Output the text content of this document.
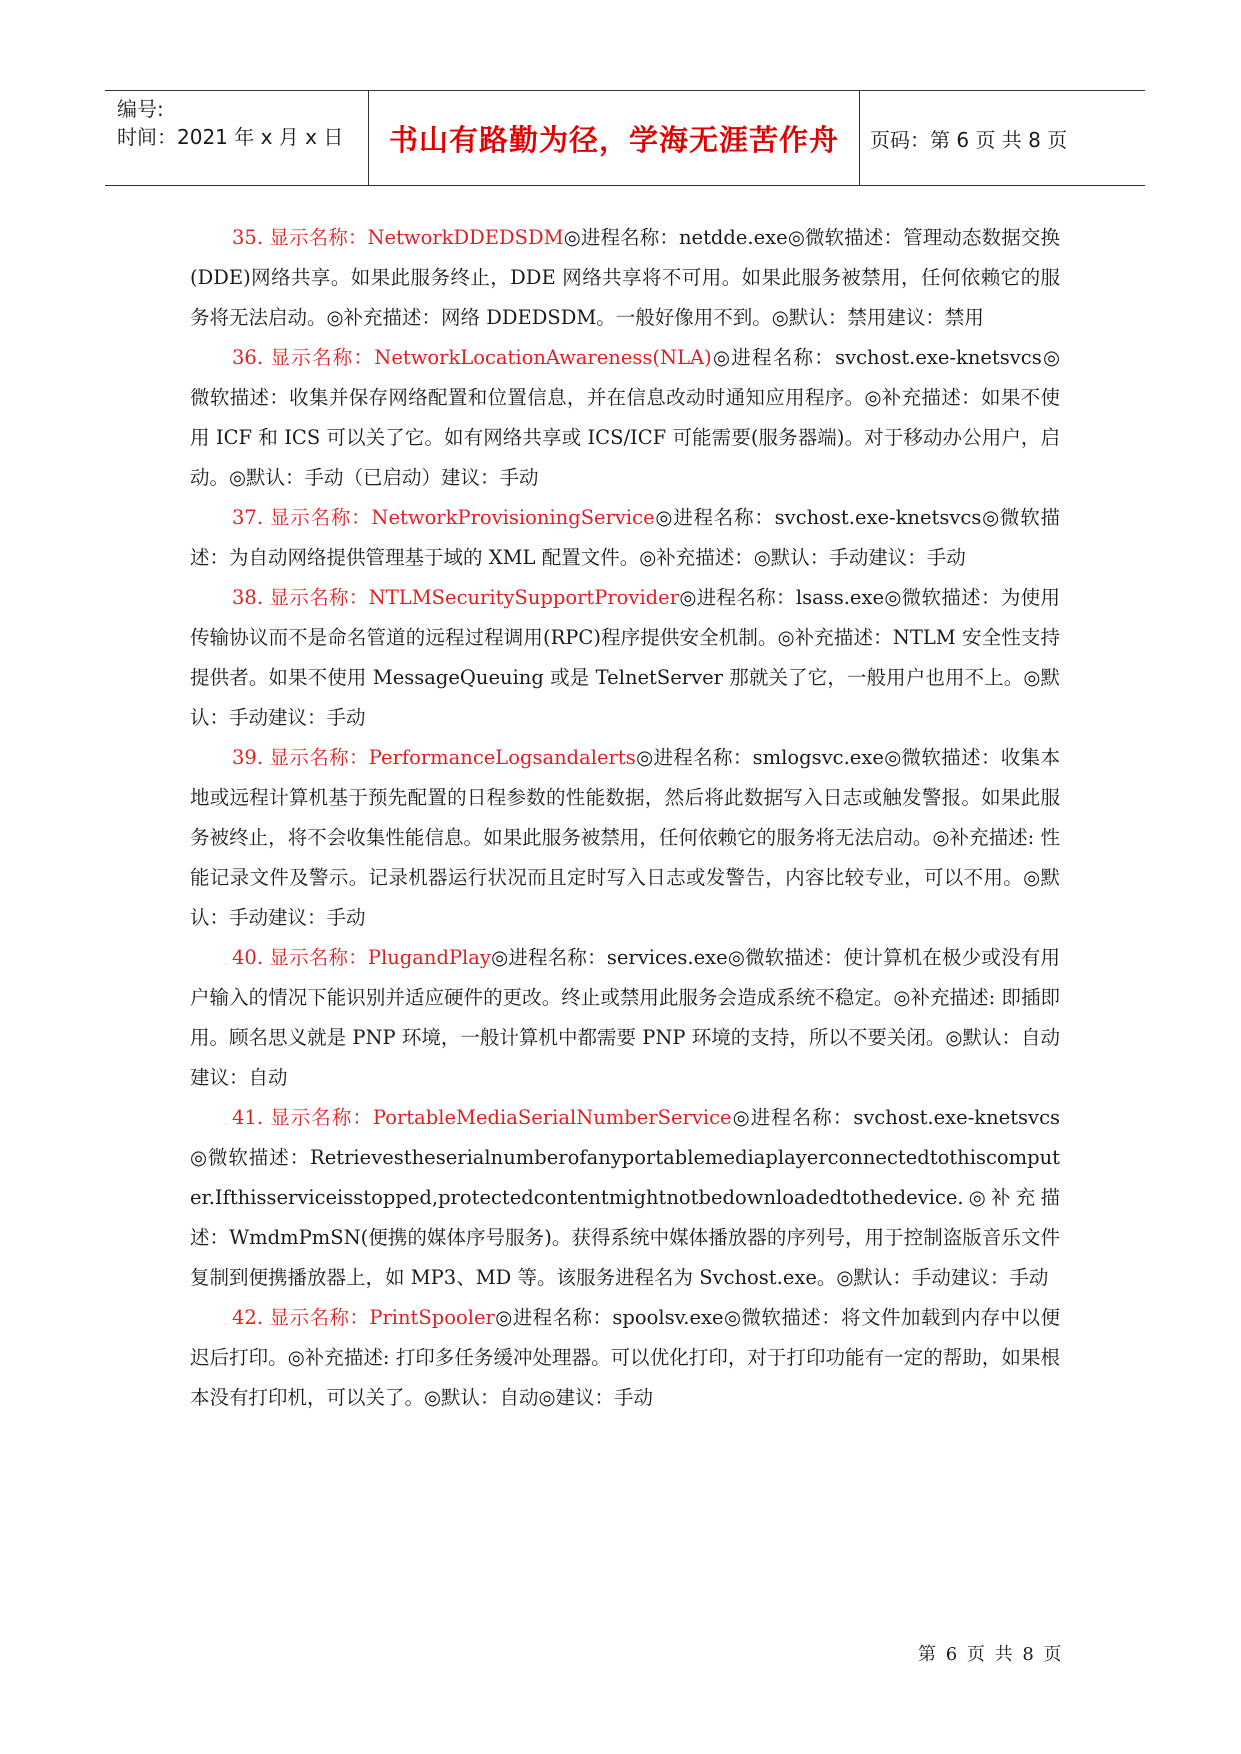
编号:
时间：2021 年 x 月 x 日	书山有路勤为径，学海无涯苦作舟	页码：第 6 页 共 8 页

35. 显示名称：NetworkDDEDSDM◎进程名称：netdde.exe◎微软描述：管理动态数据交换(DDE)网络共享。如果此服务终止，DDE 网络共享将不可用。如果此服务被禁用，任何依赖它的服务将无法启动。◎补充描述：网络 DDEDSDM。一般好像用不到。◎默认：禁用建议：禁用

36. 显示名称：NetworkLocationAwareness(NLA)◎进程名称：svchost.exe-knetsvcs◎微软描述：收集并保存网络配置和位置信息，并在信息改动时通知应用程序。◎补充描述：如果不使用 ICF 和 ICS 可以关了它。如有网络共享或 ICS/ICF 可能需要(服务器端)。对于移动办公用户，启动。◎默认：手动（已启动）建议：手动

37. 显示名称：NetworkProvisioningService◎进程名称：svchost.exe-knetsvcs◎微软描述：为自动网络提供管理基于域的 XML 配置文件。◎补充描述：◎默认：手动建议：手动

38. 显示名称：NTLMSecuritySupportProvider◎进程名称：lsass.exe◎微软描述：为使用传输协议而不是命名管道的远程过程调用(RPC)程序提供安全机制。◎补充描述：NTLM 安全性支持提供者。如果不使用 MessageQueuing 或是 TelnetServer 那就关了它，一般用户也用不上。◎默认：手动建议：手动

39. 显示名称：PerformanceLogsandalerts◎进程名称：smlogsvc.exe◎微软描述：收集本地或远程计算机基于预先配置的日程参数的性能数据，然后将此数据写入日志或触发警报。如果此服务被终止，将不会收集性能信息。如果此服务被禁用，任何依赖它的服务将无法启动。◎补充描述: 性能记录文件及警示。记录机器运行状况而且定时写入日志或发警告，内容比较专业，可以不用。◎默认：手动建议：手动

40. 显示名称：PlugandPlay◎进程名称：services.exe◎微软描述：使计算机在极少或没有用户输入的情况下能识别并适应硬件的更改。终止或禁用此服务会造成系统不稳定。◎补充描述: 即插即用。顾名思义就是 PNP 环境，一般计算机中都需要 PNP 环境的支持，所以不要关闭。◎默认：自动建议：自动

41. 显示名称：PortableMediaSerialNumberService◎进程名称：svchost.exe-knetsvcs◎微软描述：Retrievestheserialnumberofanyportablemediaplayerconnectedtothiscomputer.Ifthisserviceisstopped,protectedcontentmightnotbedownloadedtothedevice.◎补充描述：WmdmPmSN(便携的媒体序号服务)。获得系统中媒体播放器的序列号，用于控制盗版音乐文件复制到便携播放器上，如 MP3、MD 等。该服务进程名为 Svchost.exe。◎默认：手动建议：手动

42. 显示名称：PrintSpooler◎进程名称：spoolsv.exe◎微软描述：将文件加载到内存中以便迟后打印。◎补充描述: 打印多任务缓冲处理器。可以优化打印，对于打印功能有一定的帮助，如果根本没有打印机，可以关了。◎默认：自动◎建议：手动

第 6 页 共 8 页
